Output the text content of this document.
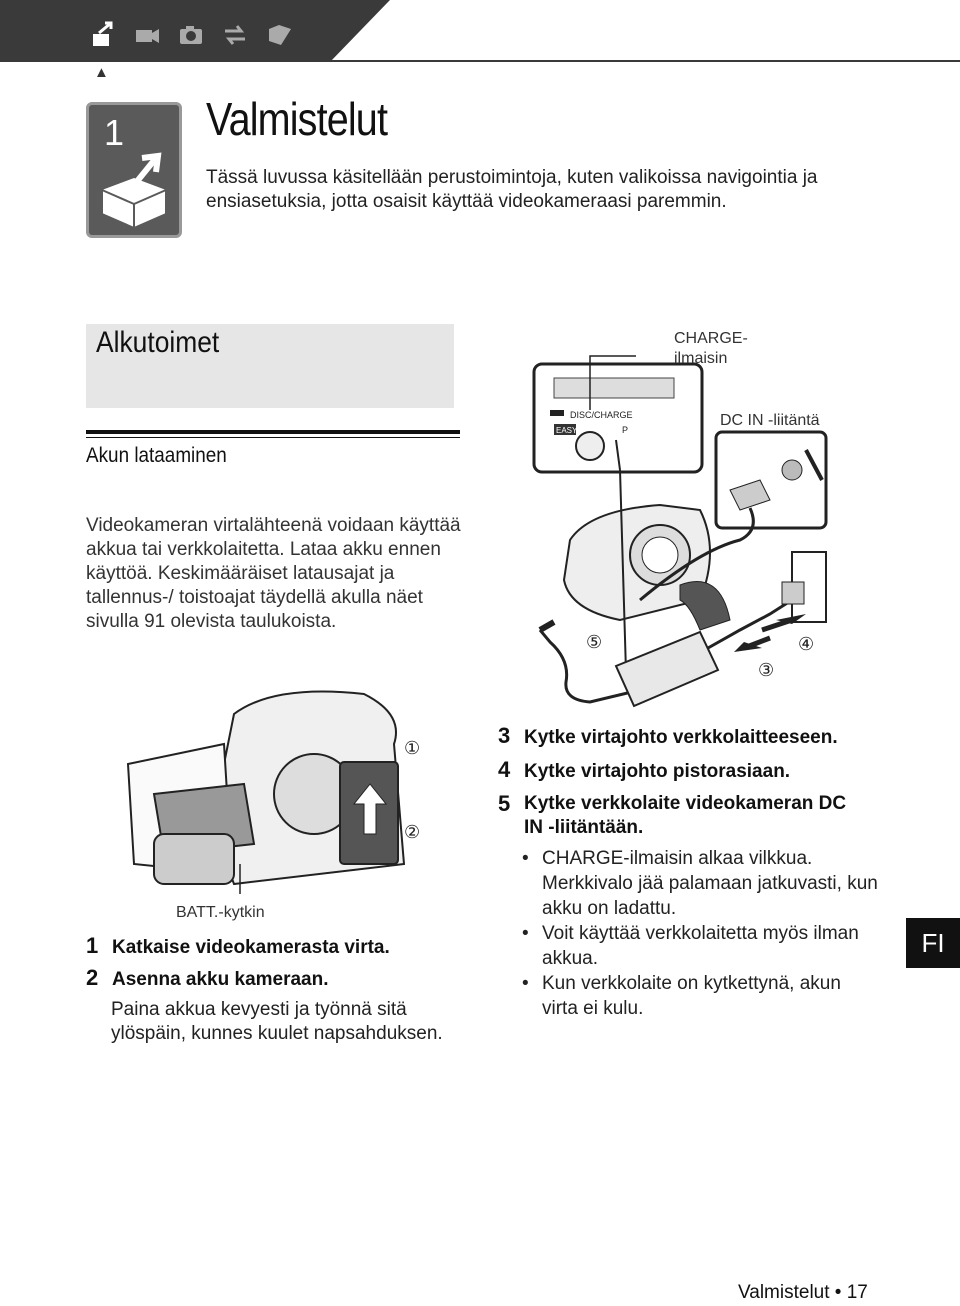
▲
1 Valmistelut
Tässä luvussa käsitellään perustoimintoja, kuten valikoissa navigointia ja ensiasetuksia, jotta osaisit käyttää videokameraasi paremmin.
Alkutoimet
Akun lataaminen
Videokameran virtalähteenä voidaan käyttää akkua tai verkkolaitetta. Lataa akku ennen käyttöä. Keskimääräiset latausajat ja tallennus-/ toistoajat täydellä akulla näet sivulla 91 olevista taulukoista.
DISC/CHARGE
EASY	P
⑤	④
③
CHARGE-
ilmaisin
DC IN -liitäntä
①
②
BATT.-kytkin
1 Katkaise videokamerasta virta.
2 Asenna akku kameraan.
Paina akkua kevyesti ja työnnä sitä ylöspäin, kunnes kuulet napsahduksen.
3 Kytke virtajohto verkkolaitteeseen.
4 Kytke virtajohto pistorasiaan.
5 Kytke verkkolaite videokameran DC IN -liitäntään.
• CHARGE-ilmaisin alkaa vilkkua. Merkkivalo jää palamaan jatkuvasti, kun akku on ladattu.
• Voit käyttää verkkolaitetta myös ilman akkua.
• Kun verkkolaite on kytkettynä, akun virta ei kulu.
FI
Valmistelut • 17
